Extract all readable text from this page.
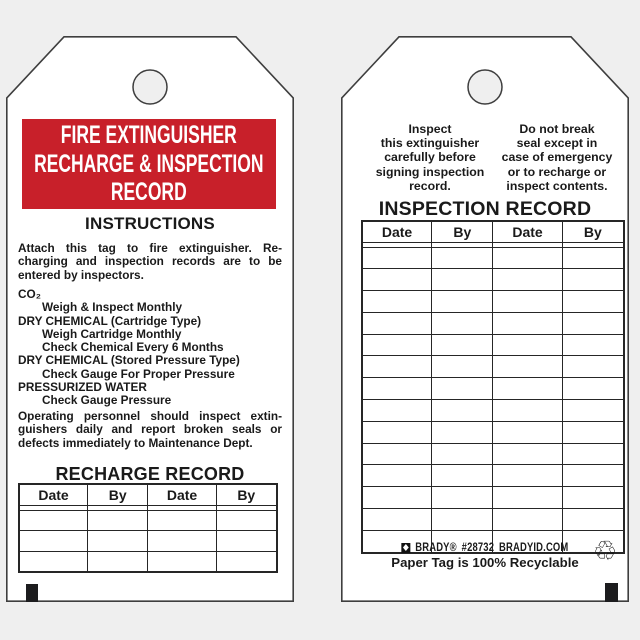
FIRE EXTINGUISHER
RECHARGE & INSPECTION
RECORD
INSTRUCTIONS
Attach this tag to fire extinguisher. Re-
charging and inspection records are to be
entered by inspectors.
CO₂
Weigh & Inspect Monthly
DRY CHEMICAL (Cartridge Type)
Weigh Cartridge Monthly
Check Chemical Every 6 Months
DRY CHEMICAL (Stored Pressure Type)
Check Gauge For Proper Pressure
PRESSURIZED WATER
Check Gauge Pressure
Operating personnel should inspect extin-
guishers daily and report broken seals or
defects immediately to Maintenance Dept.
RECHARGE RECORD
Date	By	Date	By

Inspect
this extinguisher
carefully before
signing inspection
record.
Do not break
seal except in
case of emergency
or to recharge or
inspect contents.
INSPECTION RECORD
Date	By	Date	By

BRADY® #28732 BRADYID.COM
Paper Tag is 100% Recyclable ♲
